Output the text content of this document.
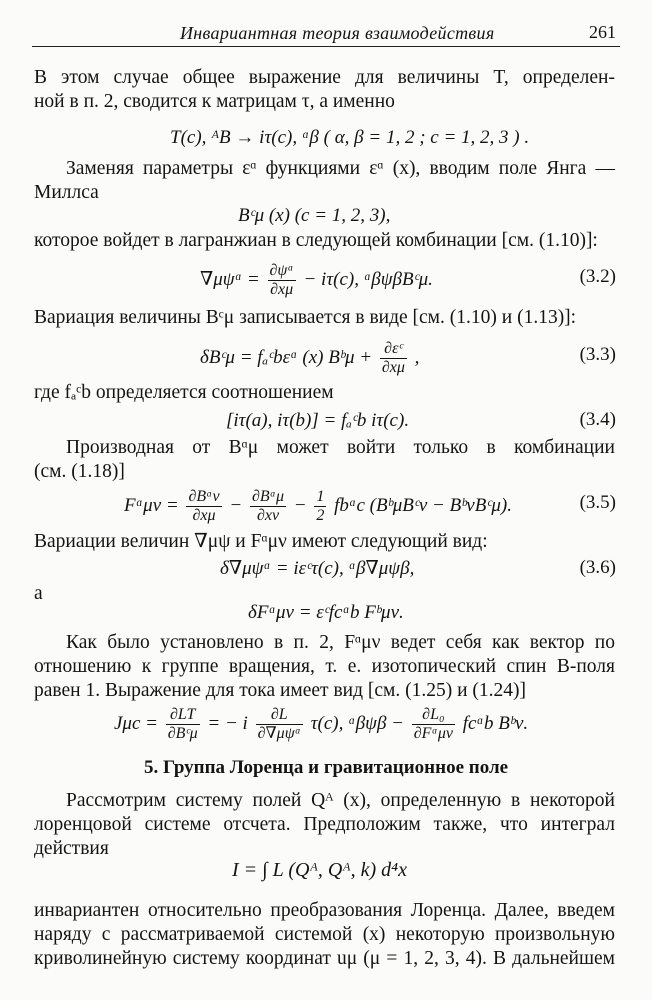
Инвариантная теория взаимодействия	261
В этом случае общее выражение для величины T, определен-
ной в п. 2, сводится к матрицам τ, а именно
T(c), ᴬB → iτ(c), ᵅβ ( α, β = 1, 2 ; c = 1, 2, 3 ) .
Заменяя параметры εᵅ функциями εᵅ (x), вводим поле Янга —
Миллса
Bᶜμ (x) (c = 1, 2, 3),
которое войдет в лагранжиан в следующей комбинации [см. (1.10)]:
∇μψᵅ = $\frac{\text{∂ψᵅ}}{\partial x\mu} - i\tau(c)$, ᵅβψβBᶜμ.	(3.2)
Вариация величины Bᶜμ записывается в виде [см. (1.10) и (1.13)]:
δBᶜμ = fₐᶜbεᵅ (x) Bᵇμ + $\frac{\text{∂εᶜ}}{\partial x\mu}$ ,	(3.3)
где fₐᶜb определяется соотношением
[iτ(a), iτ(b)] = fₐᶜb iτ(c).	(3.4)
Производная от Bᵅμ может войти только в комбинации
(см. (1.18)]
Fᵅμν = $\frac{\text{∂Bᵅν}}{\partial x\mu} - \frac{\text{∂Bᵅμ}}{\partial x\nu} - \frac{1}{2}$ fbᵅc (BᵇμBᶜν − BᵇνBᶜμ).	(3.5)
Вариации величин ∇μψ и Fᵅμν имеют следующий вид:
δ∇μψᵅ = iεᶜτ(c), ᵅβ∇μψβ,	(3.6)
а
δFᵅμν = εᶜfcᵅb Fᵇμν.
Как было установлено в п. 2, Fᵅμν ведет себя как вектор по
отношению к группе вращения, т. е. изотопический спин B-поля
равен 1. Выражение для тока имеет вид [см. (1.25) и (1.24)]
$J\mu c = \frac{\partial LT}{\text{∂Bᶜμ}}$ = − i $\frac{\partial L}{\text{∂∇μψᵅ}} \tau(c)$, ᵅβψβ − $\frac{\text{∂L₀}}{\text{∂Fᵅμν}}$ fcᵅb Bᵇν.
5. Группа Лоренца и гравитационное поле
Рассмотрим систему полей Qᴬ (x), определенную в некоторой
лоренцовой системе отсчета. Предположим также, что интеграл
действия
I = ∫ L (Qᴬ, Qᴬ, k) d⁴x
инвариантен относительно преобразования Лоренца. Далее, введем
наряду с рассматриваемой системой (x) некоторую произвольную
криволинейную систему координат uμ (μ = 1, 2, 3, 4). В дальнейшем
